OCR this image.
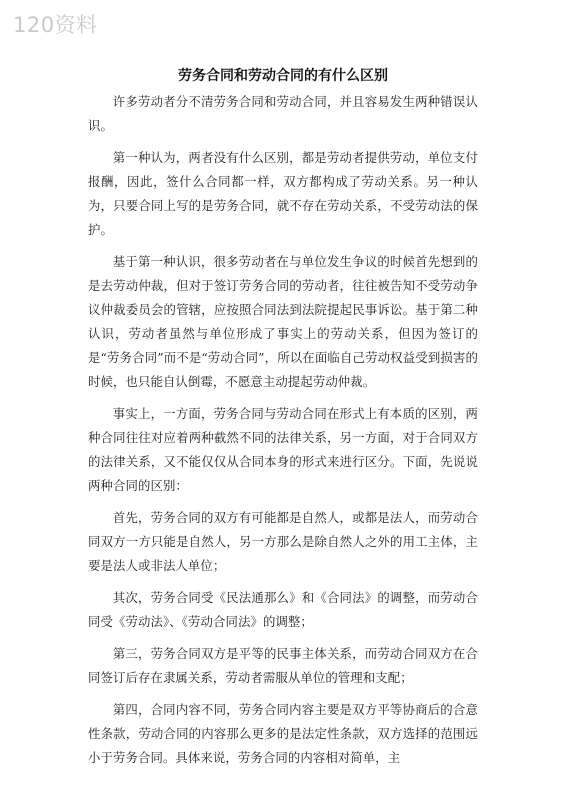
120资料
劳务合同和劳动合同的有什么区别

许多劳动者分不清劳务合同和劳动合同，并且容易发生两种错误认识。

第一种认为，两者没有什么区别，都是劳动者提供劳动，单位支付报酬，因此，签什么合同都一样，双方都构成了劳动关系。另一种认为，只要合同上写的是劳务合同，就不存在劳动关系，不受劳动法的保护。

基于第一种认识，很多劳动者在与单位发生争议的时候首先想到的是去劳动仲裁，但对于签订劳务合同的劳动者，往往被告知不受劳动争议仲裁委员会的管辖，应按照合同法到法院提起民事诉讼。基于第二种认识，劳动者虽然与单位形成了事实上的劳动关系，但因为签订的是“劳务合同”而不是“劳动合同”，所以在面临自己劳动权益受到损害的时候，也只能自认倒霉，不愿意主动提起劳动仲裁。

事实上，一方面，劳务合同与劳动合同在形式上有本质的区别，两种合同往往对应着两种截然不同的法律关系，另一方面，对于合同双方的法律关系，又不能仅仅从合同本身的形式来进行区分。下面，先说说两种合同的区别：

首先，劳务合同的双方有可能都是自然人，或都是法人，而劳动合同双方一方只能是自然人，另一方那么是除自然人之外的用工主体，主要是法人或非法人单位；

其次，劳务合同受《民法通那么》和《合同法》的调整，而劳动合同受《劳动法》、《劳动合同法》的调整；

第三，劳务合同双方是平等的民事主体关系，而劳动合同双方在合同签订后存在隶属关系，劳动者需服从单位的管理和支配；

第四，合同内容不同，劳务合同内容主要是双方平等协商后的合意性条款，劳动合同的内容那么更多的是法定性条款，双方选择的范围远小于劳务合同。具体来说，劳务合同的内容相对简单，主
